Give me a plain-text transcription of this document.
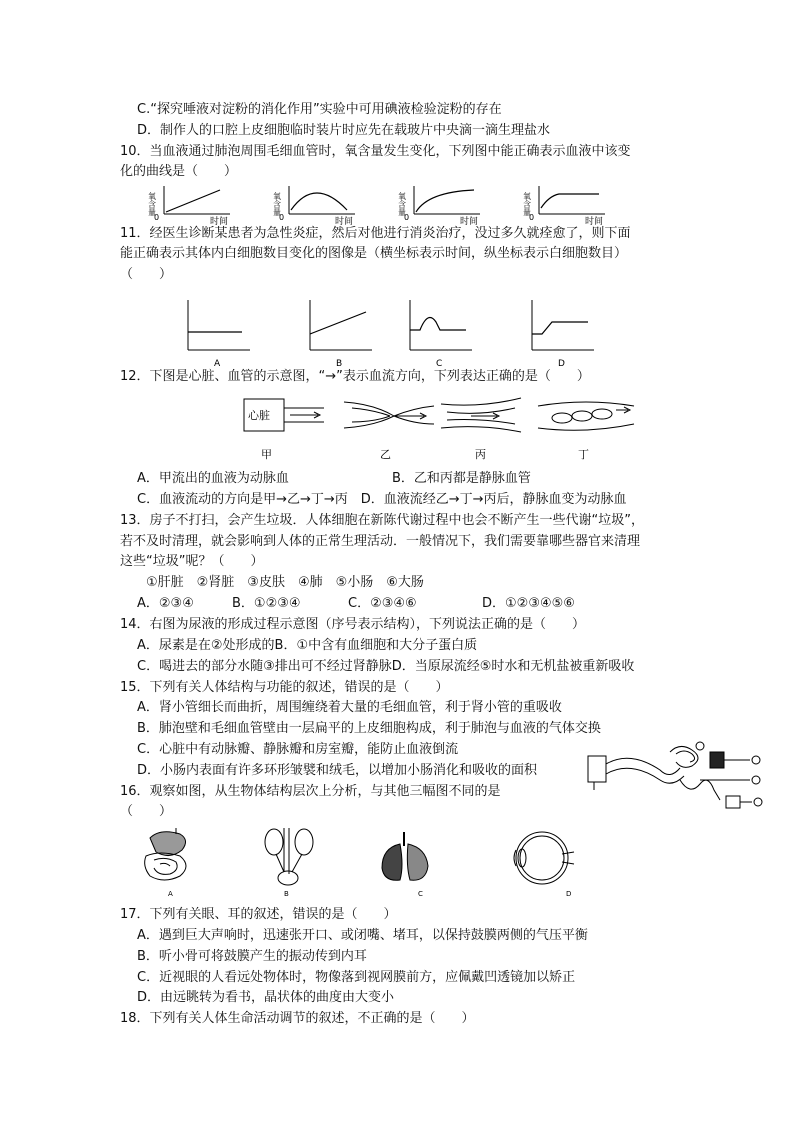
C.“探究唾液对淀粉的消化作用”实验中可用碘液检验淀粉的存在
D．制作人的口腔上皮细胞临时装片时应先在载玻片中央滴一滴生理盐水
10．当血液通过肺泡周围毛细血管时，氧含量发生变化，下列图中能正确表示血液中该变
化的曲线是（　　）
氧含量
0	时间
氧含量
0	时间
氧含量
0	时间
氧含量
0	时间
11．经医生诊断某患者为急性炎症，然后对他进行消炎治疗，没过多久就痊愈了，则下面
能正确表示其体内白细胞数目变化的图像是（横坐标表示时间，纵坐标表示白细胞数目）
（　　）
A	B	C	D
12．下图是心脏、血管的示意图，“→”表示血流方向，下列表达正确的是（　　）
心脏
甲	乙	丙	丁
A．甲流出的血液为动脉血	B．乙和丙都是静脉血管
C．血液流动的方向是甲→乙→丁→丙　D．血液流经乙→丁→丙后，静脉血变为动脉血
13．房子不打扫，会产生垃圾．人体细胞在新陈代谢过程中也会不断产生一些代谢“垃圾”，
若不及时清理，就会影响到人体的正常生理活动．一般情况下，我们需要靠哪些器官来清理
这些“垃圾”呢？（　　）
①肝脏　②肾脏　③皮肤　④肺　⑤小肠　⑥大肠
A．②③④	B．①②③④	C．②③④⑥	D．①②③④⑤⑥
14．右图为尿液的形成过程示意图（序号表示结构），下列说法正确的是（　　）
A．尿素是在②处形成的B．①中含有血细胞和大分子蛋白质
C．喝进去的部分水随③排出可不经过肾静脉D．当原尿流经⑤时水和无机盐被重新吸收
15．下列有关人体结构与功能的叙述，错误的是（　　）
A．肾小管细长而曲折，周围缠绕着大量的毛细血管，利于肾小管的重吸收
B．肺泡壁和毛细血管壁由一层扁平的上皮细胞构成，利于肺泡与血液的气体交换
C．心脏中有动脉瓣、静脉瓣和房室瓣，能防止血液倒流
D．小肠内表面有许多环形皱襞和绒毛，以增加小肠消化和吸收的面积
16．观察如图，从生物体结构层次上分析，与其他三幅图不同的是
（　　）
A	B	C	D
17．下列有关眼、耳的叙述，错误的是（　　）
A．遇到巨大声响时，迅速张开口、或闭嘴、堵耳，以保持鼓膜两侧的气压平衡
B．听小骨可将鼓膜产生的振动传到内耳
C．近视眼的人看远处物体时，物像落到视网膜前方，应佩戴凹透镜加以矫正
D．由远眺转为看书，晶状体的曲度由大变小
18．下列有关人体生命活动调节的叙述，不正确的是（　　）
